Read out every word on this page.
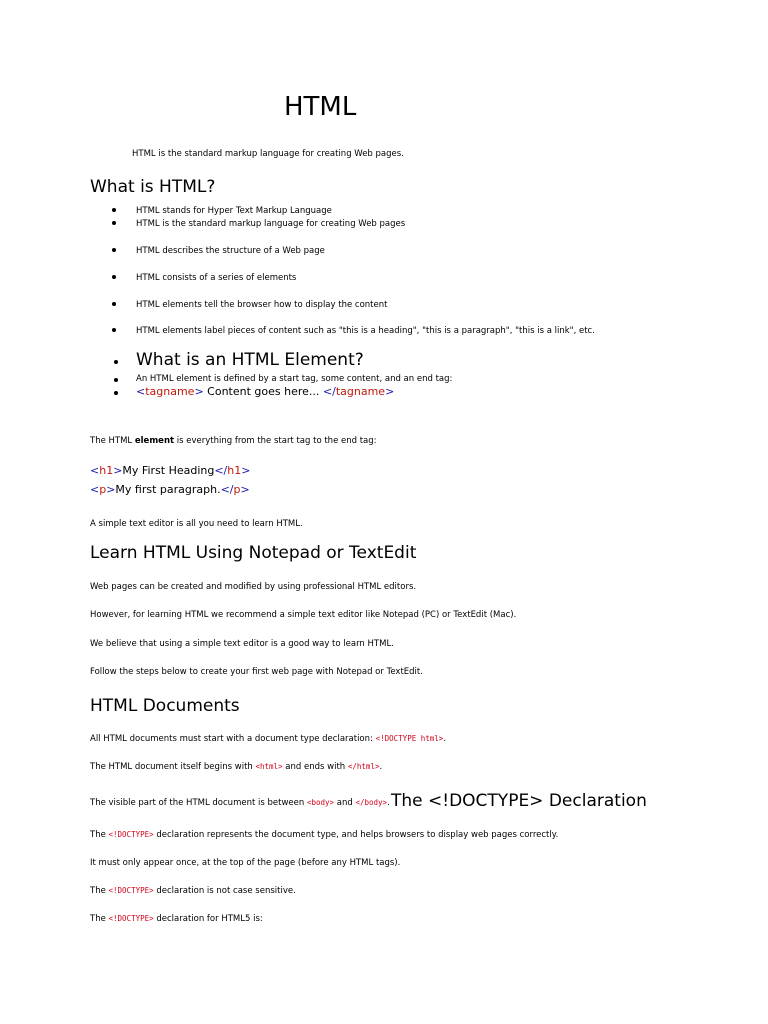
HTML
HTML is the standard markup language for creating Web pages.
What is HTML?
HTML stands for Hyper Text Markup Language
HTML is the standard markup language for creating Web pages
HTML describes the structure of a Web page
HTML consists of a series of elements
HTML elements tell the browser how to display the content
HTML elements label pieces of content such as "this is a heading", "this is a paragraph", "this is a link", etc.
What is an HTML Element?
An HTML element is defined by a start tag, some content, and an end tag:
<tagname> Content goes here... </tagname>
The HTML element is everything from the start tag to the end tag:
<h1>My First Heading</h1>
<p>My first paragraph.</p>
A simple text editor is all you need to learn HTML.
Learn HTML Using Notepad or TextEdit
Web pages can be created and modified by using professional HTML editors.
However, for learning HTML we recommend a simple text editor like Notepad (PC) or TextEdit (Mac).
We believe that using a simple text editor is a good way to learn HTML.
Follow the steps below to create your first web page with Notepad or TextEdit.
HTML Documents
All HTML documents must start with a document type declaration: <!DOCTYPE html>.
The HTML document itself begins with <html> and ends with </html>.
The visible part of the HTML document is between <body> and </body>. The <!DOCTYPE> Declaration
The <!DOCTYPE> declaration represents the document type, and helps browsers to display web pages correctly.
It must only appear once, at the top of the page (before any HTML tags).
The <!DOCTYPE> declaration is not case sensitive.
The <!DOCTYPE> declaration for HTML5 is:
